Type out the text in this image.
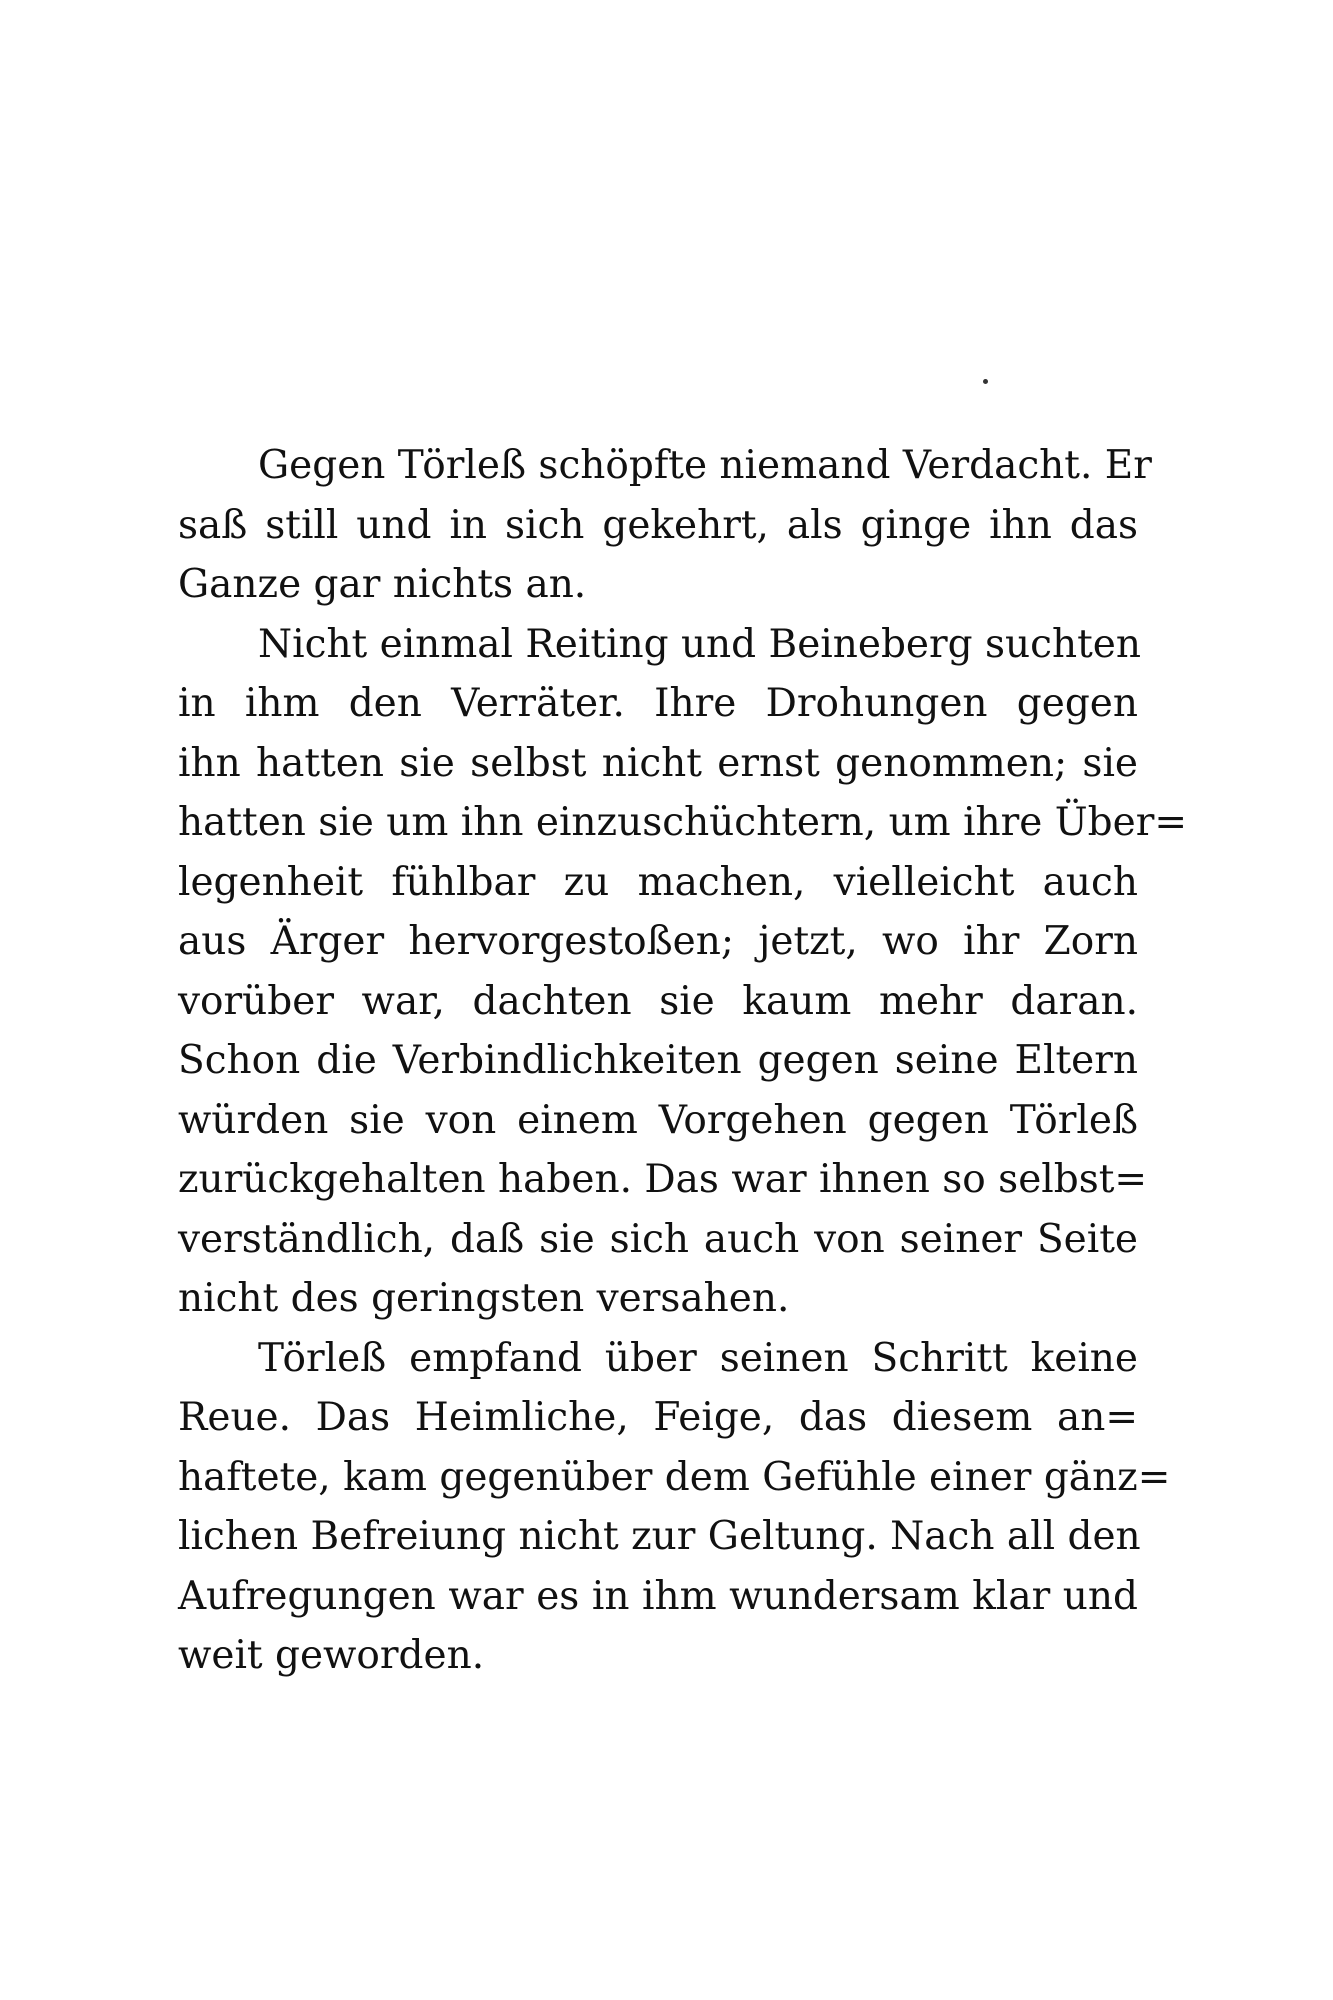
Gegen Törleß schöpfte niemand Verdacht. Er
saß still und in sich gekehrt, als ginge ihn das
Ganze gar nichts an.

Nicht einmal Reiting und Beineberg suchten
in ihm den Verräter. Ihre Drohungen gegen
ihn hatten sie selbst nicht ernst genommen; sie
hatten sie um ihn einzuschüchtern, um ihre Über=
legenheit fühlbar zu machen, vielleicht auch
aus Ärger hervorgestoßen; jetzt, wo ihr Zorn
vorüber war, dachten sie kaum mehr daran.
Schon die Verbindlichkeiten gegen seine Eltern
würden sie von einem Vorgehen gegen Törleß
zurückgehalten haben. Das war ihnen so selbst=
verständlich, daß sie sich auch von seiner Seite
nicht des geringsten versahen.

Törleß empfand über seinen Schritt keine
Reue. Das Heimliche, Feige, das diesem an=
haftete, kam gegenüber dem Gefühle einer gänz=
lichen Befreiung nicht zur Geltung. Nach all den
Aufregungen war es in ihm wundersam klar und
weit geworden.
